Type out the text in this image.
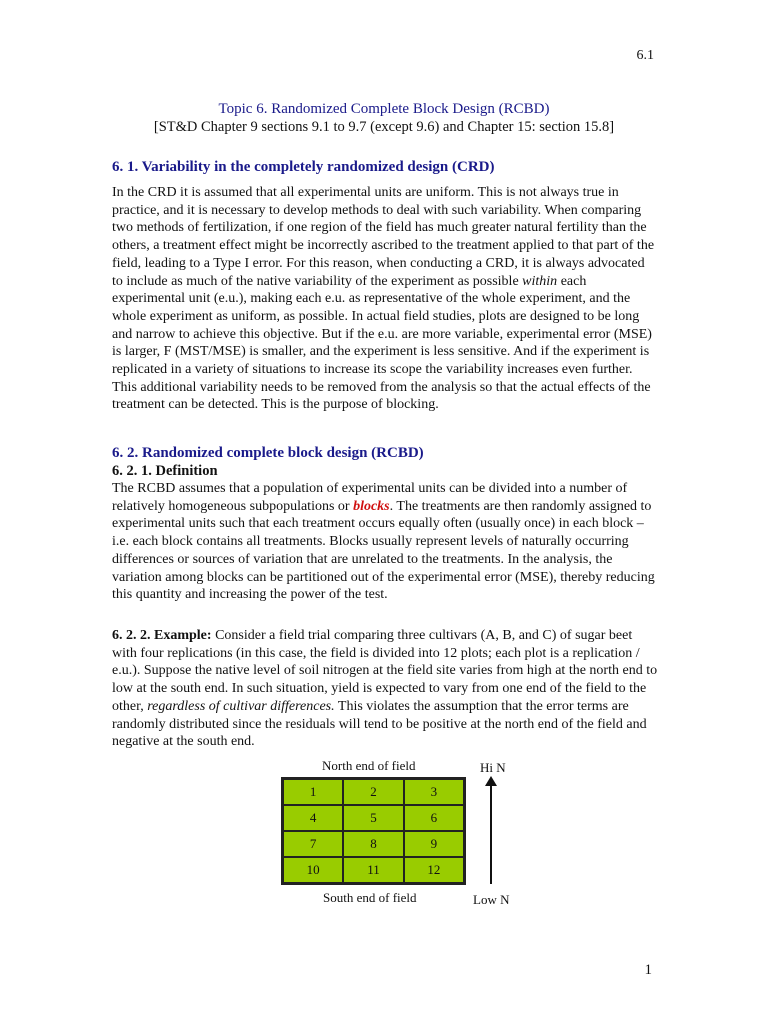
6.1
Topic 6. Randomized Complete Block Design (RCBD)
[ST&D Chapter 9 sections 9.1 to 9.7 (except 9.6) and Chapter 15: section 15.8]
6. 1. Variability in the completely randomized design (CRD)
In the CRD it is assumed that all experimental units are uniform. This is not always true in practice, and it is necessary to develop methods to deal with such variability. When comparing two methods of fertilization, if one region of the field has much greater natural fertility than the others, a treatment effect might be incorrectly ascribed to the treatment applied to that part of the field, leading to a Type I error. For this reason, when conducting a CRD, it is always advocated to include as much of the native variability of the experiment as possible within each experimental unit (e.u.), making each e.u. as representative of the whole experiment, and the whole experiment as uniform, as possible. In actual field studies, plots are designed to be long and narrow to achieve this objective. But if the e.u. are more variable, experimental error (MSE) is larger, F (MST/MSE) is smaller, and the experiment is less sensitive. And if the experiment is replicated in a variety of situations to increase its scope the variability increases even further. This additional variability needs to be removed from the analysis so that the actual effects of the treatment can be detected. This is the purpose of blocking.
6. 2. Randomized complete block design (RCBD)
6. 2. 1. Definition
The RCBD assumes that a population of experimental units can be divided into a number of relatively homogeneous subpopulations or blocks. The treatments are then randomly assigned to experimental units such that each treatment occurs equally often (usually once) in each block –i.e. each block contains all treatments. Blocks usually represent levels of naturally occurring differences or sources of variation that are unrelated to the treatments. In the analysis, the variation among blocks can be partitioned out of the experimental error (MSE), thereby reducing this quantity and increasing the power of the test.
6. 2. 2. Example: Consider a field trial comparing three cultivars (A, B, and C) of sugar beet with four replications (in this case, the field is divided into 12 plots; each plot is a replication / e.u.). Suppose the native level of soil nitrogen at the field site varies from high at the north end to low at the south end. In such situation, yield is expected to vary from one end of the field to the other, regardless of cultivar differences. This violates the assumption that the error terms are randomly distributed since the residuals will tend to be positive at the north end of the field and negative at the south end.
North end of field	Hi N
1	2	3
4	5	6
7	8	9
10	11	12
South end of field	Low N
1
